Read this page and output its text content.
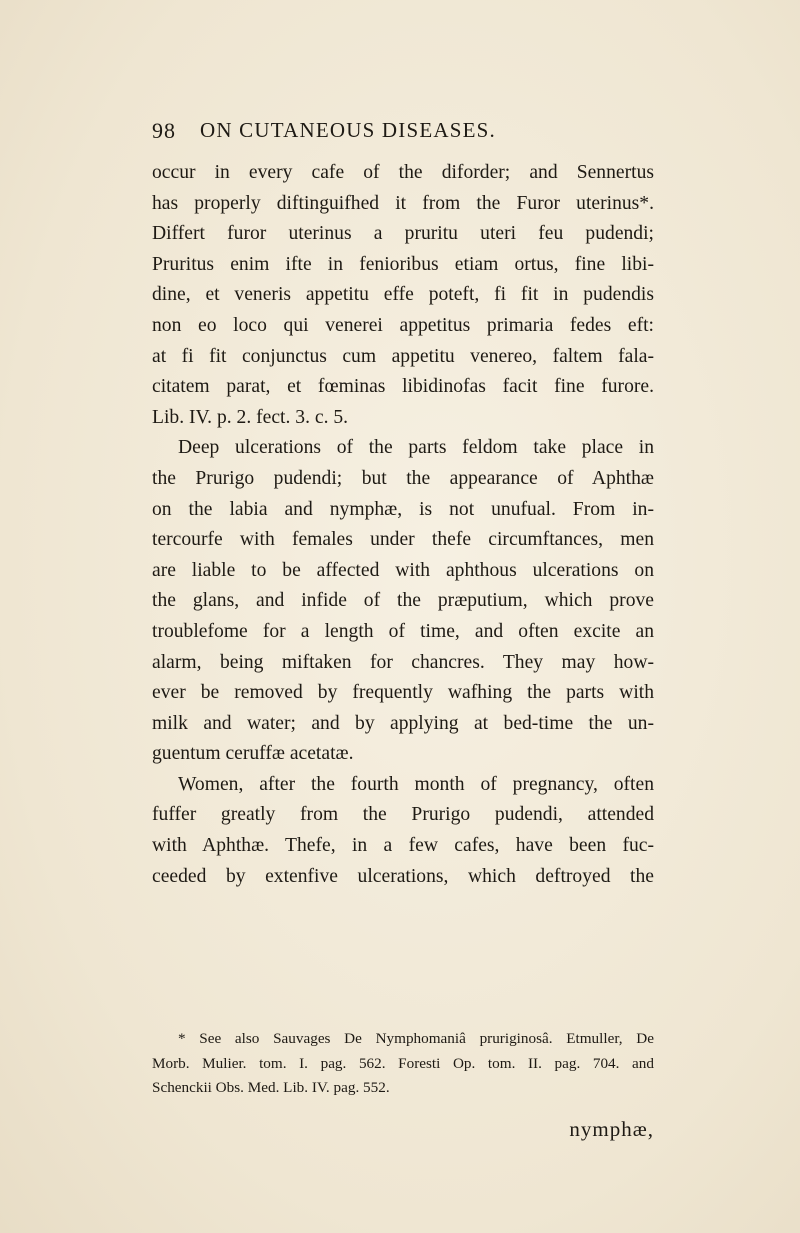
98 ON CUTANEOUS DISEASES.
occur in every cafe of the diforder; and Sennertus
has properly diftinguifhed it from the Furor uterinus*.
Differt furor uterinus a pruritu uteri feu pudendi;
Pruritus enim ifte in fenioribus etiam ortus, fine libi-
dine, et veneris appetitu effe poteft, fi fit in pudendis
non eo loco qui venerei appetitus primaria fedes eft:
at fi fit conjunctus cum appetitu venereo, faltem fala-
citatem parat, et fœminas libidinofas facit fine furore.
Lib. IV. p. 2. fect. 3. c. 5.
Deep ulcerations of the parts feldom take place in
the Prurigo pudendi; but the appearance of Aphthæ
on the labia and nymphæ, is not unufual. From in-
tercourfe with females under thefe circumftances, men
are liable to be affected with aphthous ulcerations on
the glans, and infide of the præputium, which prove
troublefome for a length of time, and often excite an
alarm, being miftaken for chancres. They may how-
ever be removed by frequently wafhing the parts with
milk and water; and by applying at bed-time the un-
guentum ceruffæ acetatæ.
Women, after the fourth month of pregnancy, often
fuffer greatly from the Prurigo pudendi, attended
with Aphthæ. Thefe, in a few cafes, have been fuc-
ceeded by extenfive ulcerations, which deftroyed the
* See also Sauvages De Nymphomaniâ pruriginosâ. Etmuller, De
Morb. Mulier. tom. I. pag. 562. Foresti Op. tom. II. pag. 704. and
Schenckii Obs. Med. Lib. IV. pag. 552.
nymphæ,
